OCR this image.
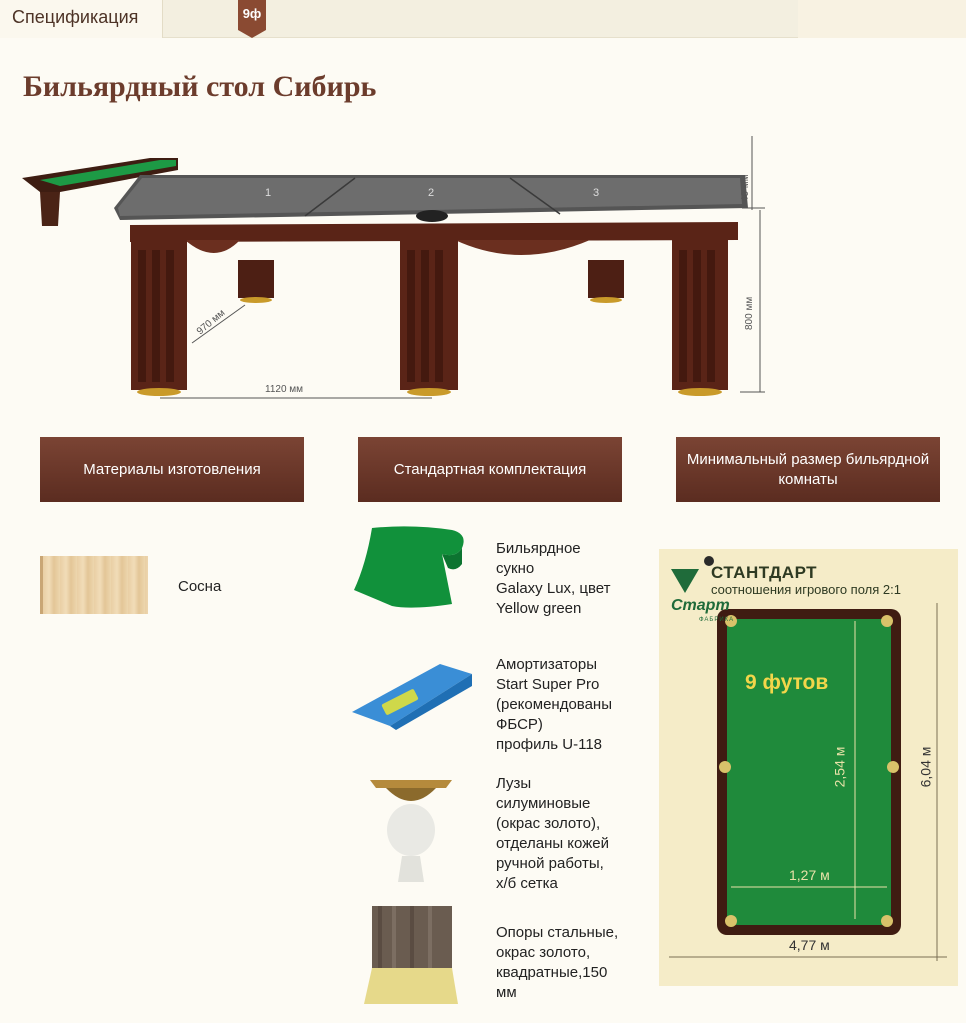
Спецификация	9ф
Бильярдный стол Сибирь
1	2	3
1120 мм
970 мм	800 мм
40 мм
Материалы изготовления	Стандартная комплектация
Минимальный размер бильярдной комнаты
Сосна
Бильярдное
сукно
Galaxy Lux, цвет
Yellow green
Амортизаторы
Start Super Pro
(рекомендованы
ФБСР)
профиль U-118
Лузы
силуминовые
(окрас золото),
отделаны кожей
ручной работы,
х/б сетка
Опоры стальные,
окрас золото,
квадратные,150
мм
СТАНТДАРТ
соотношения игрового поля 2:1
Старт
ФАБРИКА
9 футов
2,54 м
1,27 м
6,04 м
4,77 м
